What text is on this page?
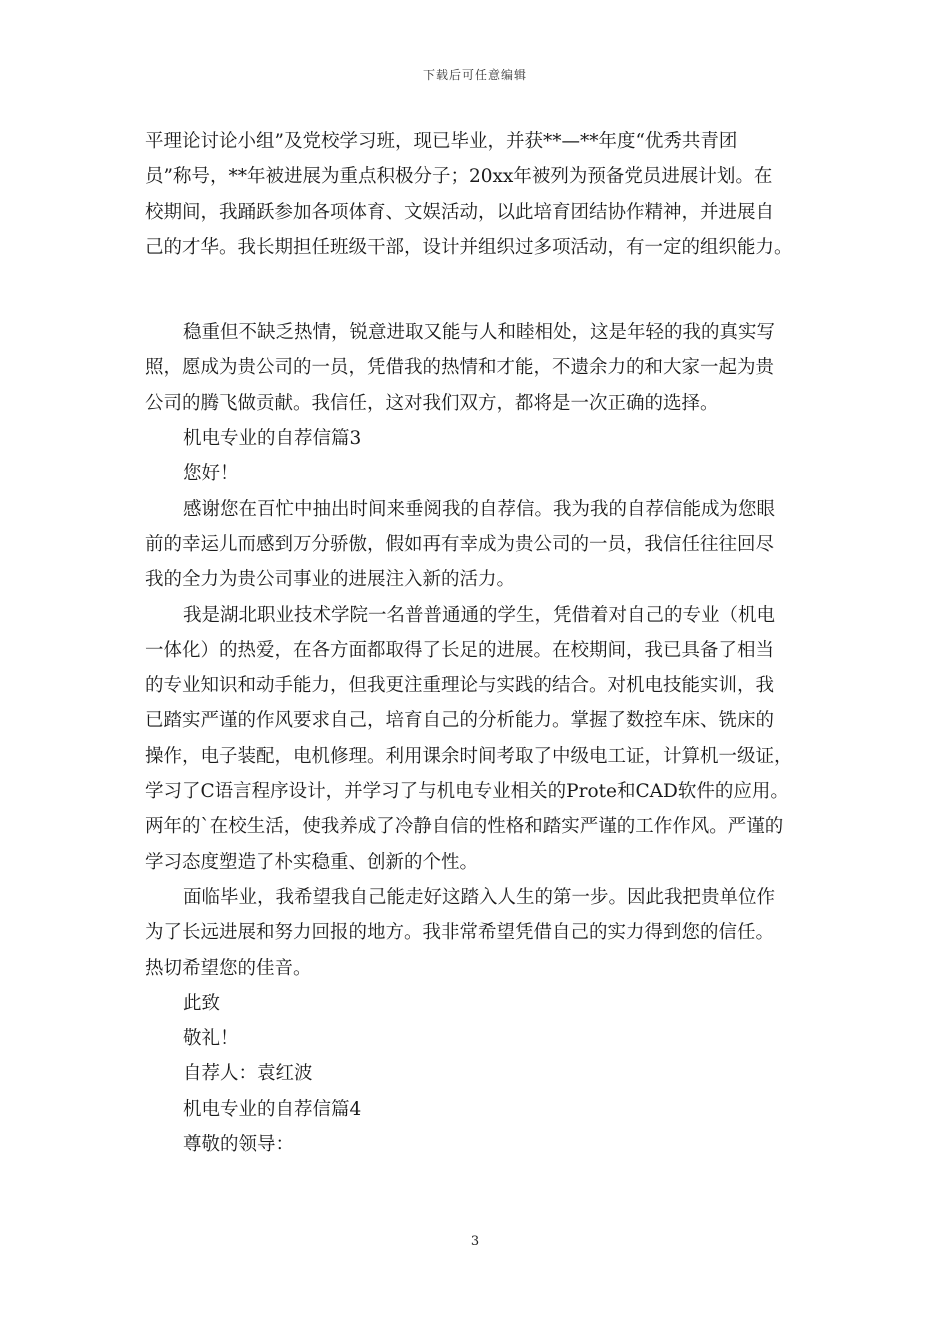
下载后可任意编辑
平理论讨论小组”及党校学习班，现已毕业，并获**—**年度“优秀共青团
员”称号，**年被进展为重点积极分子；20xx年被列为预备党员进展计划。在
校期间，我踊跃参加各项体育、文娱活动，以此培育团结协作精神，并进展自
己的才华。我长期担任班级干部，设计并组织过多项活动，有一定的组织能力。
稳重但不缺乏热情，锐意进取又能与人和睦相处，这是年轻的我的真实写
照，愿成为贵公司的一员，凭借我的热情和才能，不遗余力的和大家一起为贵
公司的腾飞做贡献。我信任，这对我们双方，都将是一次正确的选择。
机电专业的自荐信篇3
您好！
感谢您在百忙中抽出时间来垂阅我的自荐信。我为我的自荐信能成为您眼
前的幸运儿而感到万分骄傲，假如再有幸成为贵公司的一员，我信任往往回尽
我的全力为贵公司事业的进展注入新的活力。
我是湖北职业技术学院一名普普通通的学生，凭借着对自己的专业（机电
一体化）的热爱，在各方面都取得了长足的进展。在校期间，我已具备了相当
的专业知识和动手能力，但我更注重理论与实践的结合。对机电技能实训，我
已踏实严谨的作风要求自己，培育自己的分析能力。掌握了数控车床、铣床的
操作，电子装配，电机修理。利用课余时间考取了中级电工证，计算机一级证，
学习了C语言程序设计，并学习了与机电专业相关的Prote和CAD软件的应用。
两年的`在校生活，使我养成了冷静自信的性格和踏实严谨的工作作风。严谨的
学习态度塑造了朴实稳重、创新的个性。
面临毕业，我希望我自己能走好这踏入人生的第一步。因此我把贵单位作
为了长远进展和努力回报的地方。我非常希望凭借自己的实力得到您的信任。
热切希望您的佳音。
此致
敬礼！
自荐人：袁红波
机电专业的自荐信篇4
尊敬的领导：
3
